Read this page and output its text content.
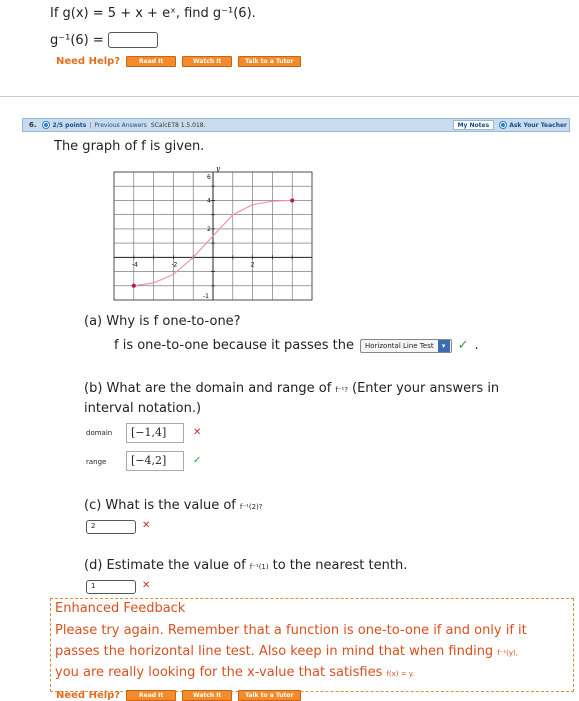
If g(x) = 5 + x + eˣ, find g⁻¹(6).
g⁻¹(6) =
Need Help?	Read It	Watch It	Talk to a Tutor
6.	2/5 points | Previous Answers SCalcET8 1.5.018.	My Notes	Ask Your Teacher
The graph of f is given.
y
6
4
2
-1
-4	-2	2
(a) Why is f one-to-one?
f is one-to-one because it passes the Horizontal Line Test	▾ ✓ .
(b) What are the domain and range of f⁻¹? (Enter your answers in
interval notation.)
domain	[−1,4]	✕
range	[−4,2]	✓
(c) What is the value of f⁻¹(2)?
2	✕
(d) Estimate the value of f⁻¹(1) to the nearest tenth.
1	✕
Enhanced Feedback
Please try again. Remember that a function is one-to-one if and only if it
passes the horizontal line test. Also keep in mind that when finding f⁻¹(y),
you are really looking for the x-value that satisfies f(x) = y.
Need Help?	Read It	Watch It	Talk to a Tutor
